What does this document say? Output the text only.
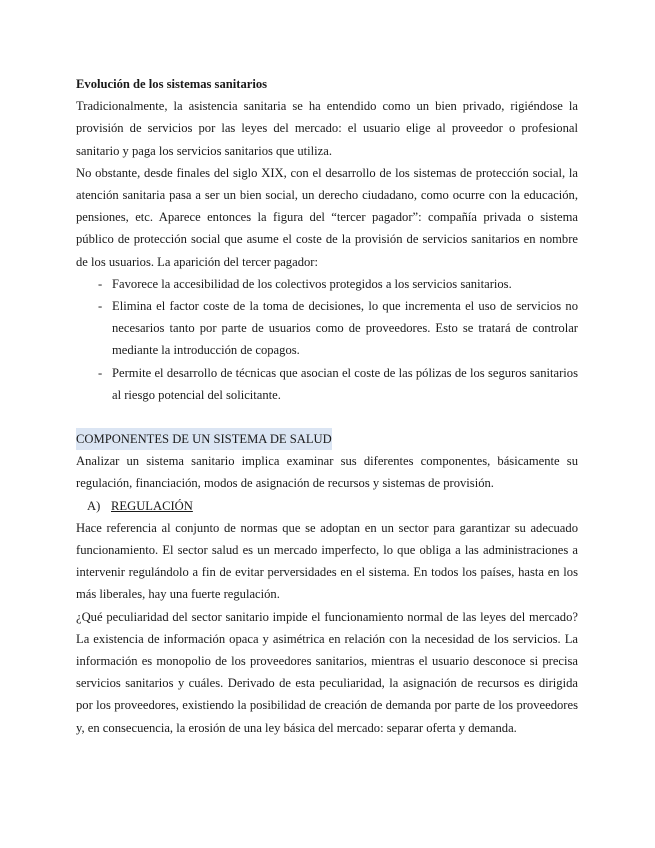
Evolución de los sistemas sanitarios

Tradicionalmente, la asistencia sanitaria se ha entendido como un bien privado, rigiéndose la provisión de servicios por las leyes del mercado: el usuario elige al proveedor o profesional sanitario y paga los servicios sanitarios que utiliza.

No obstante, desde finales del siglo XIX, con el desarrollo de los sistemas de protección social, la atención sanitaria pasa a ser un bien social, un derecho ciudadano, como ocurre con la educación, pensiones, etc. Aparece entonces la figura del “tercer pagador”: compañía privada o sistema público de protección social que asume el coste de la provisión de servicios sanitarios en nombre de los usuarios. La aparición del tercer pagador:

- Favorece la accesibilidad de los colectivos protegidos a los servicios sanitarios.
- Elimina el factor coste de la toma de decisiones, lo que incrementa el uso de servicios no necesarios tanto por parte de usuarios como de proveedores. Esto se tratará de controlar mediante la introducción de copagos.
- Permite el desarrollo de técnicas que asocian el coste de las pólizas de los seguros sanitarios al riesgo potencial del solicitante.
COMPONENTES DE UN SISTEMA DE SALUD

Analizar un sistema sanitario implica examinar sus diferentes componentes, básicamente su regulación, financiación, modos de asignación de recursos y sistemas de provisión.

A) REGULACIÓN

Hace referencia al conjunto de normas que se adoptan en un sector para garantizar su adecuado funcionamiento. El sector salud es un mercado imperfecto, lo que obliga a las administraciones a intervenir regulándolo a fin de evitar perversidades en el sistema. En todos los países, hasta en los más liberales, hay una fuerte regulación.

¿Qué peculiaridad del sector sanitario impide el funcionamiento normal de las leyes del mercado? La existencia de información opaca y asimétrica en relación con la necesidad de los servicios. La información es monopolio de los proveedores sanitarios, mientras el usuario desconoce si precisa servicios sanitarios y cuáles. Derivado de esta peculiaridad, la asignación de recursos es dirigida por los proveedores, existiendo la posibilidad de creación de demanda por parte de los proveedores y, en consecuencia, la erosión de una ley básica del mercado: separar oferta y demanda.
